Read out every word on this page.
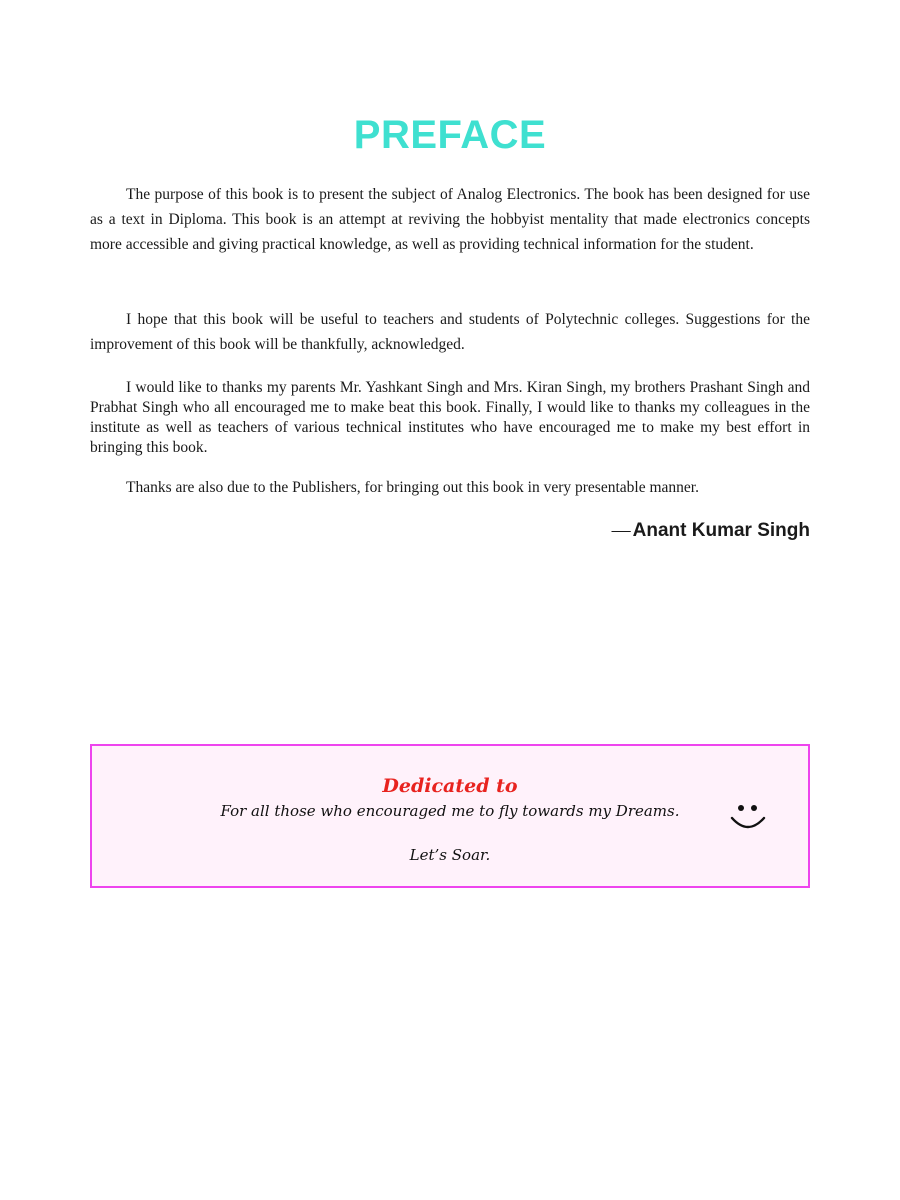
PREFACE

The purpose of this book is to present the subject of Analog Electronics. The book has been designed for use as a text in Diploma. This book is an attempt at reviving the hobbyist mentality that made electronics concepts more accessible and giving practical knowledge, as well as providing technical information for the student.

I hope that this book will be useful to teachers and students of Polytechnic colleges. Suggestions for the improvement of this book will be thankfully, acknowledged.

I would like to thanks my parents Mr. Yashkant Singh and Mrs. Kiran Singh, my brothers Prashant Singh and Prabhat Singh who all encouraged me to make beat this book. Finally, I would like to thanks my colleagues in the institute as well as teachers of various technical institutes who have encouraged me to make my best effort in bringing this book.

Thanks are also due to the Publishers, for bringing out this book in very presentable manner.

— Anant Kumar Singh
Dedicated to
For all those who encouraged me to fly towards my Dreams.
Let’s Soar.
